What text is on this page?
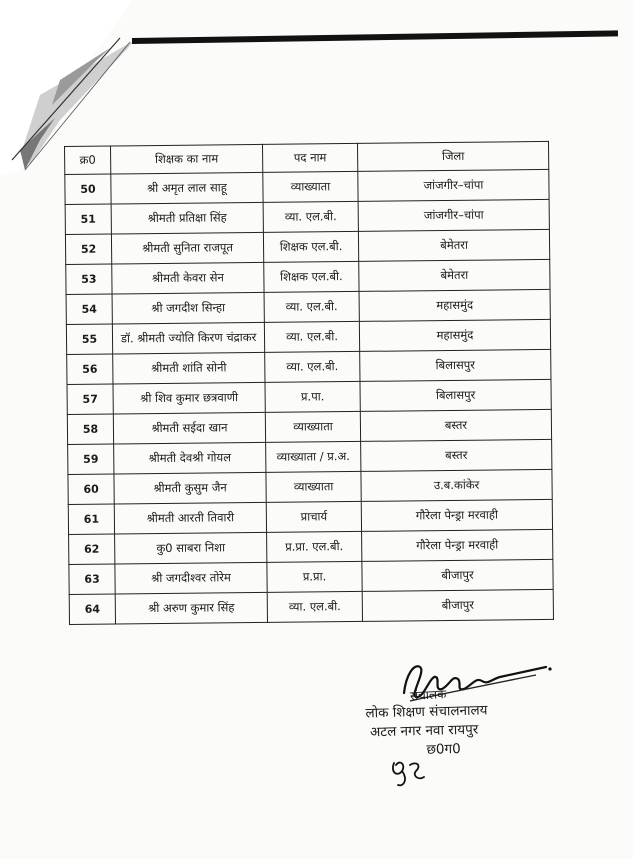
क्र0	शिक्षक का नाम	पद नाम	जिला
50	श्री अमृत लाल साहू	व्याख्याता	जांजगीर–चांपा
51	श्रीमती प्रतिक्षा सिंह	व्या. एल.बी.	जांजगीर–चांपा
52	श्रीमती सुनिता राजपूत	शिक्षक एल.बी.	बेमेतरा
53	श्रीमती केवरा सेन	शिक्षक एल.बी.	बेमेतरा
54	श्री जगदीश सिन्हा	व्या. एल.बी.	महासमुंद
55	डॉ. श्रीमती ज्योति किरण चंद्राकर	व्या. एल.बी.	महासमुंद
56	श्रीमती शांति सोनी	व्या. एल.बी.	बिलासपुर
57	श्री शिव कुमार छत्रवाणी	प्र.पा.	बिलासपुर
58	श्रीमती सईदा खान	व्याख्याता	बस्तर
59	श्रीमती देवश्री गोयल	व्याख्याता / प्र.अ.	बस्तर
60	श्रीमती कुसुम जैन	व्याख्याता	उ.ब.कांकेर
61	श्रीमती आरती तिवारी	प्राचार्य	गौरेला पेन्ड्रा मरवाही
62	कु0 साबरा निशा	प्र.प्रा. एल.बी.	गौरेला पेन्ड्रा मरवाही
63	श्री जगदीश्वर तोरेम	प्र.प्रा.	बीजापुर
64	श्री अरुण कुमार सिंह	व्या. एल.बी.	बीजापुर
संचालक
लोक शिक्षण संचालनालय
अटल नगर नवा रायपुर
छ0ग0
